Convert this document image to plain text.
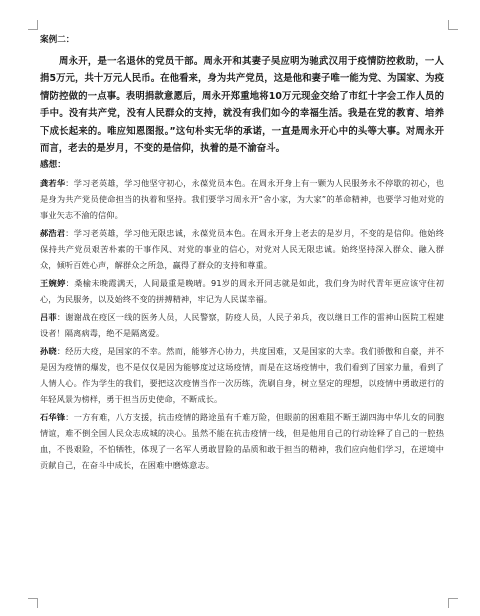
案例二：

周永开，是一名退休的党员干部。周永开和其妻子吴应明为驰武汉用于疫情防控救助，一人捐5万元，共十万元人民币。在他看来，身为共产党员，这是他和妻子唯一能为党、为国家、为疫情防控做的一点事。表明捐款意愿后，周永开郑重地将10万元现金交给了市红十字会工作人员的手中。没有共产党，没有人民群众的支持，就没有我们如今的幸福生活。我是在党的教育、培养下成长起来的。唯应知恩图报。”这句朴实无华的承诺，一直是周永开心中的头等大事。对周永开而言，老去的是岁月，不变的是信仰，执着的是不渝奋斗。

感想：

龚若华：学习老英雄，学习他坚守初心，永葆党员本色。在周永开身上有一颗为人民服务永不停歇的初心，也是身为共产党员使命担当的执着和坚持。我们要学习周永开“舍小家，为大家”的革命精神，也要学习他对党的事业矢志不渝的信仰。

郝浩君：学习老英雄，学习他无限忠诚，永葆党员本色。在周永开身上老去的是岁月，不变的是信仰。他始终保持共产党员艰苦朴素的干事作风、对党的事业的信心，对党对人民无限忠诚。始终坚持深入群众、融入群众，倾听百姓心声，解群众之所急，赢得了群众的支持和尊重。

王婉婷：桑榆未晚霞满天，人间最重是晚晴。91岁的周永开同志就是如此，我们身为时代青年更应该守住初心，为民服务，以及始终不变的拼搏精神，牢记为人民谋幸福。

吕菲：谢谢战在疫区一线的医务人员，人民警察，防疫人员，人民子弟兵，夜以继日工作的雷神山医院工程建设者！隔离病毒，绝不是隔离爱。

孙晓：经历大疫，是国家的不幸。然而，能够齐心协力，共度国难，又是国家的大幸。我们骄傲和自豪，并不是因为疫情的爆发，也不是仅仅是因为能够度过这场疫情，而是在这场疫情中，我们看到了国家力量，看到了人情人心。作为学生的我们，要把这次疫情当作一次历练，洗刷自身，树立坚定的理想，以疫情中勇敢逆行的年轻风景为榜样，勇于担当历史使命，不断成长。

石华锋：一方有难，八方支援，抗击疫情的路途虽有千难万险，但眼前的困难阻不断王湖四海中华儿女的同胞情谊，难不倒全国人民众志成城的决心。虽然不能在抗击疫情一线，但是他用自己的行动诠释了自己的一腔热血，不畏艰险，不怕牺牲，体现了一名军人勇敢冒险的品质和敢于担当的精神，我们应向他们学习，在逆境中贡献自己，在奋斗中成长，在困难中磨炼意志。
